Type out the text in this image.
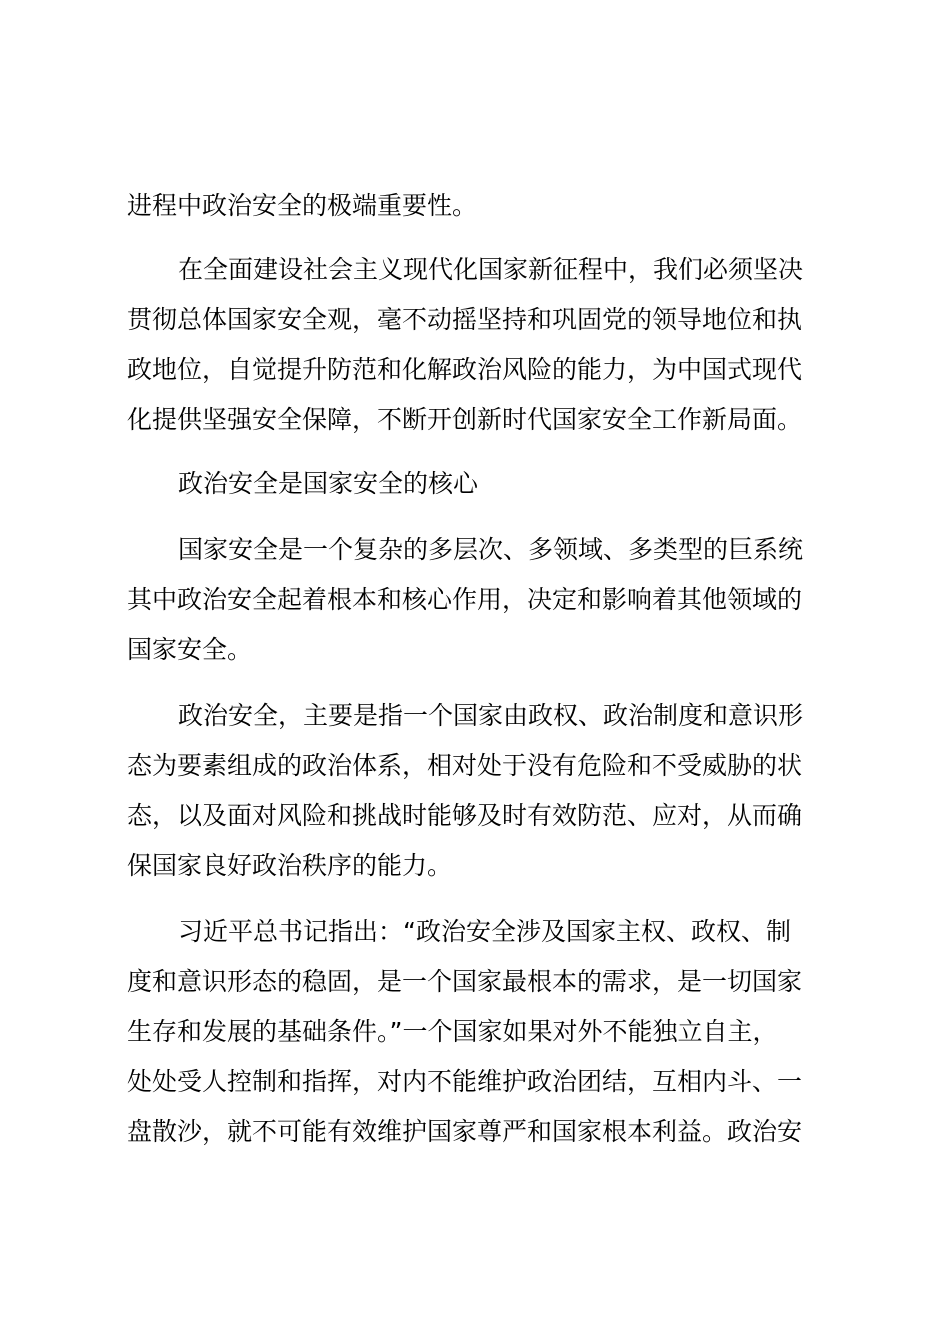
进程中政治安全的极端重要性。
在全面建设社会主义现代化国家新征程中，我们必须坚决
贯彻总体国家安全观，毫不动摇坚持和巩固党的领导地位和执
政地位，自觉提升防范和化解政治风险的能力，为中国式现代
化提供坚强安全保障，不断开创新时代国家安全工作新局面。
政治安全是国家安全的核心
国家安全是一个复杂的多层次、多领域、多类型的巨系统
其中政治安全起着根本和核心作用，决定和影响着其他领域的
国家安全。
政治安全，主要是指一个国家由政权、政治制度和意识形
态为要素组成的政治体系，相对处于没有危险和不受威胁的状
态，以及面对风险和挑战时能够及时有效防范、应对，从而确
保国家良好政治秩序的能力。
习近平总书记指出：“政治安全涉及国家主权、政权、制
度和意识形态的稳固，是一个国家最根本的需求，是一切国家
生存和发展的基础条件。”一个国家如果对外不能独立自主，
处处受人控制和指挥，对内不能维护政治团结，互相内斗、一
盘散沙，就不可能有效维护国家尊严和国家根本利益。政治安
